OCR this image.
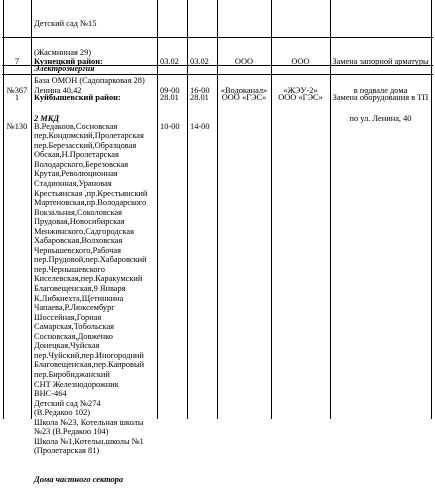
Детский сад №15

(Жасминная 29)

База ОМОН (Садопарковая 28)

7

№367

Кузнецкий район:

Ленина 40,42

2 МКД

03.02

09-00

03.02

16-00

ООО

«Водоканал»

ООО

«ЖЭУ-2»

Замена запорной арматуры

в подвале дома

по ул. Ленина, 40

Электроэнергия

1

№130

Куйбышевский район:

В.Редакоов,Сосновская
пер.Кондомский,Пролетарская
пер.Березасский,Образцовая
Обская,Н.Пролетарская
Володарского,Березовская
Крутая,Революционная
Стадионная,Урановая
Крестьянская ,пр.Крестьянский
Мартеновская,пр.Володарского
Вокзальная,Соколовская
Прудовая,Новосибирская
Менжинского,Садгородская
Хабаровская,Волховская
Чернышевского,Рабочая
пер.Прудовой,пер.Хабаровский
пер.Чернышевского
Киселевская,пер.Каракумский
Благовещенская,9 Января
К.Либкнехта,Щетинкина
Чапаева,Р.Люксембург
Шоссейная,Горная
Самарская,Тобольская
Сосновская,Довженко
Донецкая,Чуйская
пер.Чуйский,пер.Иногородний
Благовещенская,пер.Капровый
пер.Биробиджанский
СНТ Железнодорожник
ВНС-464
Детский сад №274
(В.Редакоо 102)
Школа №23, Котельная школы
№23 (В.Редакоо 104)
Школа №1,Котельн.школы №1
(Пролетарская 81)

Дома частного сектора

28.01

10-00

28.01

14-00

ООО «ГЭС»

	ООО «ГЭС»

	Замена оборудования в ТП
